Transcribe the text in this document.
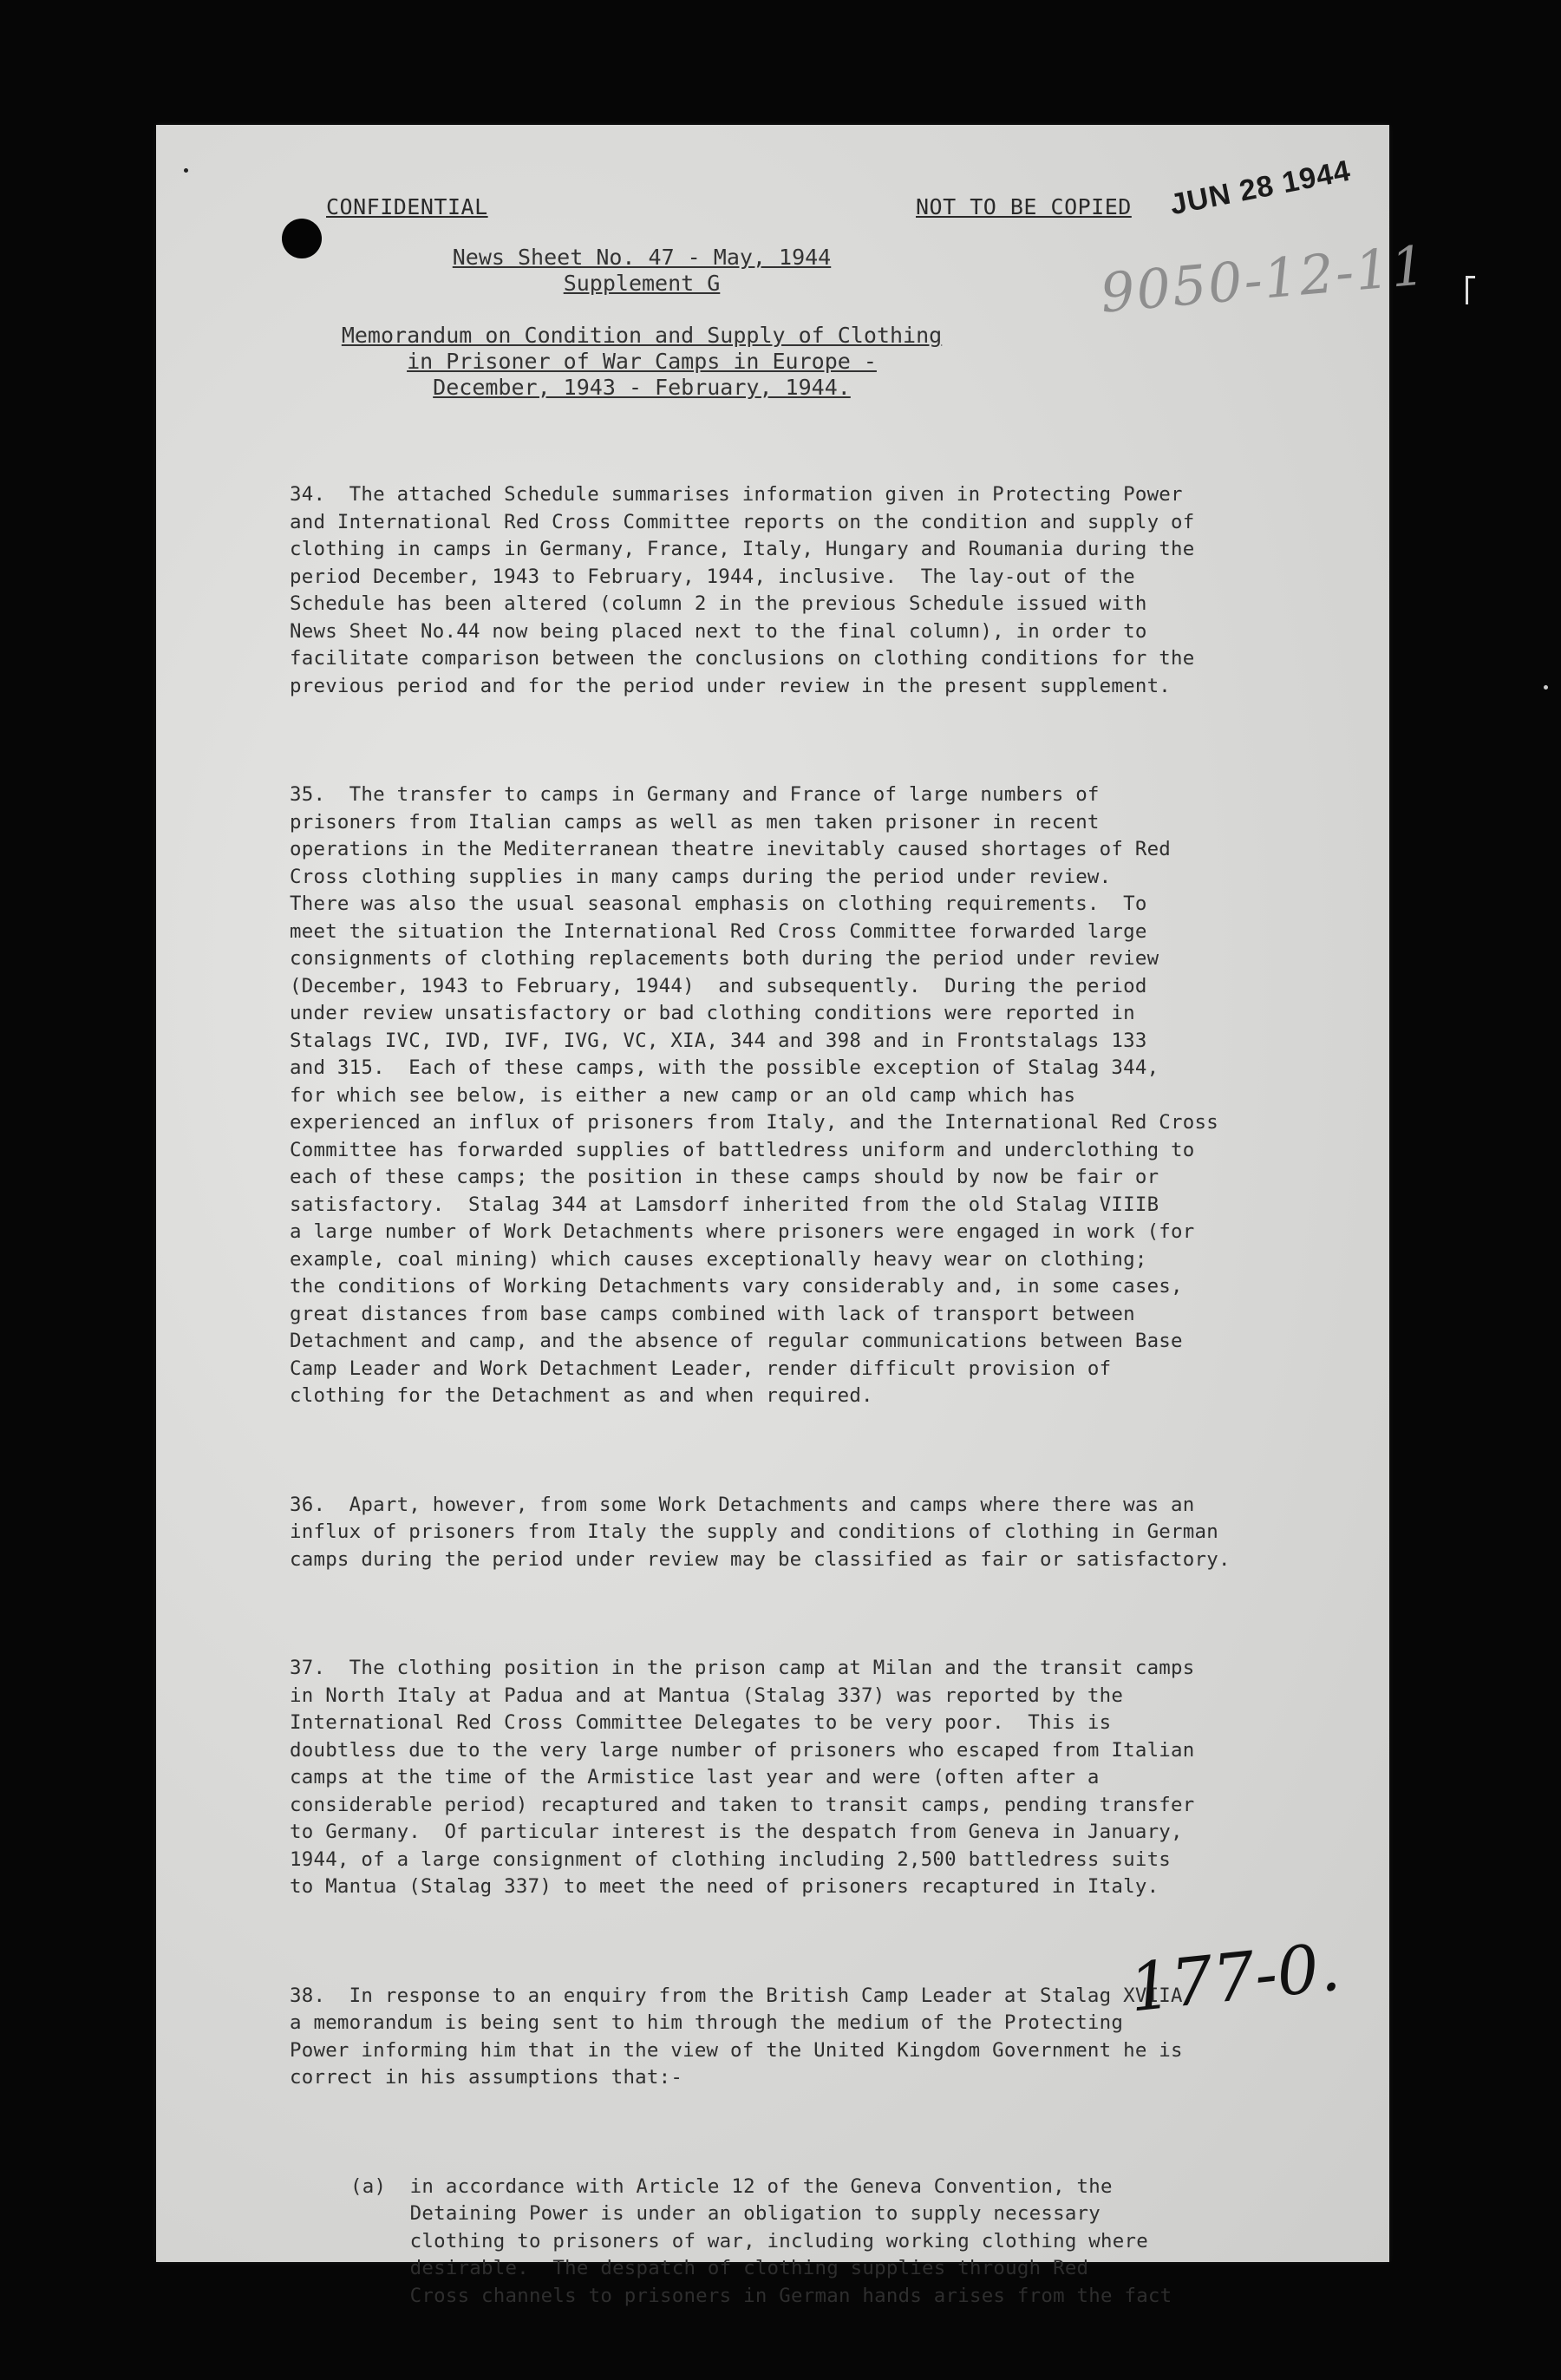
CONFIDENTIAL	NOT TO BE COPIED JUN 28 1944
9050-12-11
News Sheet No. 47 - May, 1944
Supplement G
Memorandum on Condition and Supply of Clothing
in Prisoner of War Camps in Europe -
December, 1943 - February, 1944.

34.  The attached Schedule summarises information given in Protecting Power
and International Red Cross Committee reports on the condition and supply of
clothing in camps in Germany, France, Italy, Hungary and Roumania during the
period December, 1943 to February, 1944, inclusive.  The lay-out of the
Schedule has been altered (column 2 in the previous Schedule issued with
News Sheet No.44 now being placed next to the final column), in order to
facilitate comparison between the conclusions on clothing conditions for the
previous period and for the period under review in the present supplement.

35.  The transfer to camps in Germany and France of large numbers of
prisoners from Italian camps as well as men taken prisoner in recent
operations in the Mediterranean theatre inevitably caused shortages of Red
Cross clothing supplies in many camps during the period under review.
There was also the usual seasonal emphasis on clothing requirements.  To
meet the situation the International Red Cross Committee forwarded large
consignments of clothing replacements both during the period under review
(December, 1943 to February, 1944)  and subsequently.  During the period
under review unsatisfactory or bad clothing conditions were reported in
Stalags IVC, IVD, IVF, IVG, VC, XIA, 344 and 398 and in Frontstalags 133
and 315.  Each of these camps, with the possible exception of Stalag 344,
for which see below, is either a new camp or an old camp which has
experienced an influx of prisoners from Italy, and the International Red Cross
Committee has forwarded supplies of battledress uniform and underclothing to
each of these camps; the position in these camps should by now be fair or
satisfactory.  Stalag 344 at Lamsdorf inherited from the old Stalag VIIIB
a large number of Work Detachments where prisoners were engaged in work (for
example, coal mining) which causes exceptionally heavy wear on clothing;
the conditions of Working Detachments vary considerably and, in some cases,
great distances from base camps combined with lack of transport between
Detachment and camp, and the absence of regular communications between Base
Camp Leader and Work Detachment Leader, render difficult provision of
clothing for the Detachment as and when required.

36.  Apart, however, from some Work Detachments and camps where there was an
influx of prisoners from Italy the supply and conditions of clothing in German
camps during the period under review may be classified as fair or satisfactory.

37.  The clothing position in the prison camp at Milan and the transit camps
in North Italy at Padua and at Mantua (Stalag 337) was reported by the
International Red Cross Committee Delegates to be very poor.  This is
doubtless due to the very large number of prisoners who escaped from Italian
camps at the time of the Armistice last year and were (often after a
considerable period) recaptured and taken to transit camps, pending transfer
to Germany.  Of particular interest is the despatch from Geneva in January,
1944, of a large consignment of clothing including 2,500 battledress suits
to Mantua (Stalag 337) to meet the need of prisoners recaptured in Italy.

38.  In response to an enquiry from the British Camp Leader at Stalag XVIIA,
a memorandum is being sent to him through the medium of the Protecting
Power informing him that in the view of the United Kingdom Government he is
correct in his assumptions that:-

(a)  in accordance with Article 12 of the Geneva Convention, the
Detaining Power is under an obligation to supply necessary
clothing to prisoners of war, including working clothing where
desirable.  The despatch of clothing supplies through Red
Cross channels to prisoners in German hands arises from the fact

177-0.
